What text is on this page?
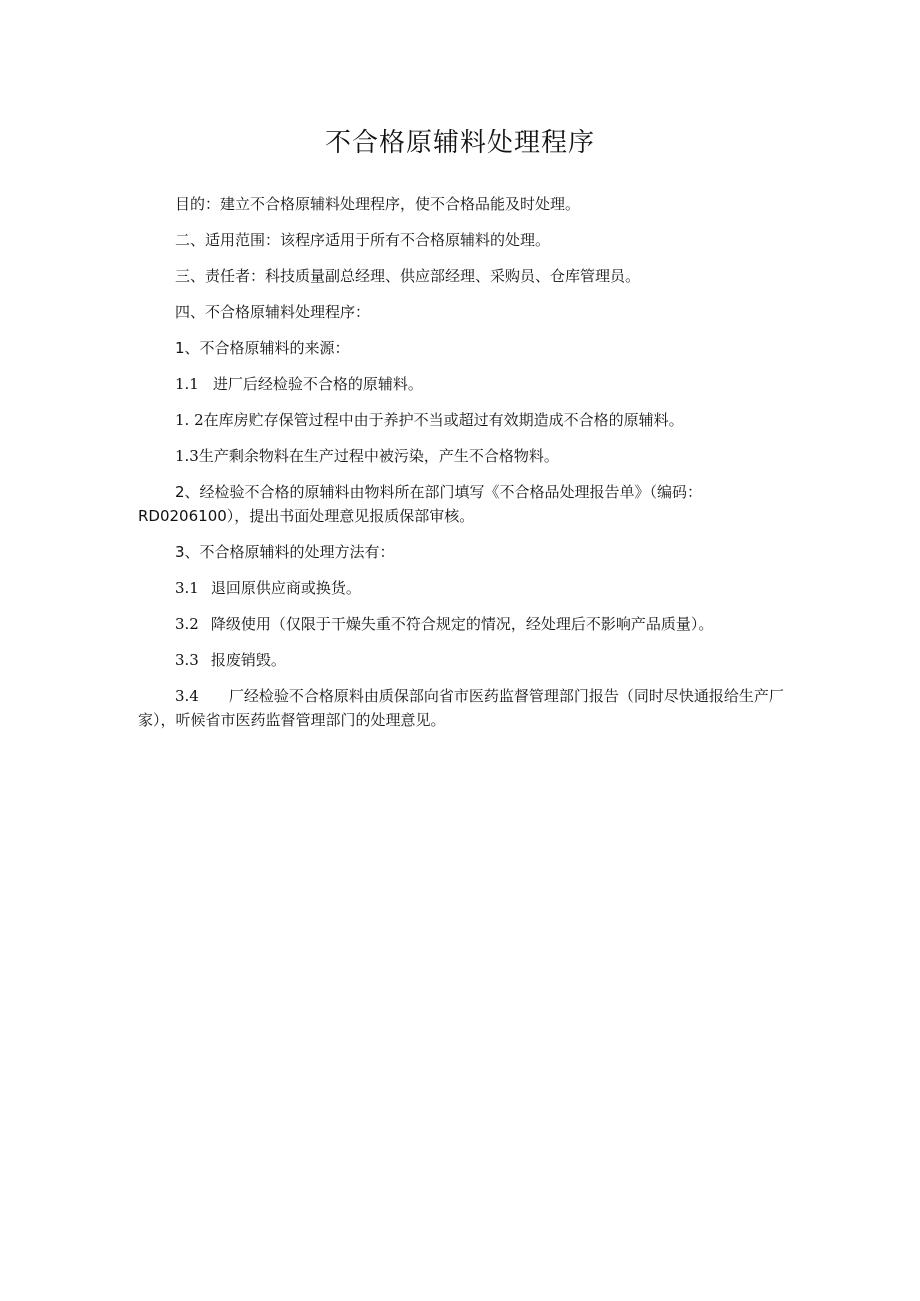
不合格原辅料处理程序

目的：建立不合格原辅料处理程序，使不合格品能及时处理。

二、适用范围：该程序适用于所有不合格原辅料的处理。

三、责任者：科技质量副总经理、供应部经理、采购员、仓库管理员。

四、不合格原辅料处理程序：

1、不合格原辅料的来源：

1.1 进厂后经检验不合格的原辅料。

1. 2在库房贮存保管过程中由于养护不当或超过有效期造成不合格的原辅料。

1.3生产剩余物料在生产过程中被污染，产生不合格物料。

2、经检验不合格的原辅料由物料所在部门填写《不合格品处理报告单》（编码：RD0206100），提出书面处理意见报质保部审核。

3、不合格原辅料的处理方法有：

3.1 退回原供应商或换货。

3.2 降级使用（仅限于干燥失重不符合规定的情况，经处理后不影响产品质量）。

3.3 报废销毁。

3.4 厂经检验不合格原料由质保部向省市医药监督管理部门报告（同时尽快通报给生产厂家），听候省市医药监督管理部门的处理意见。
